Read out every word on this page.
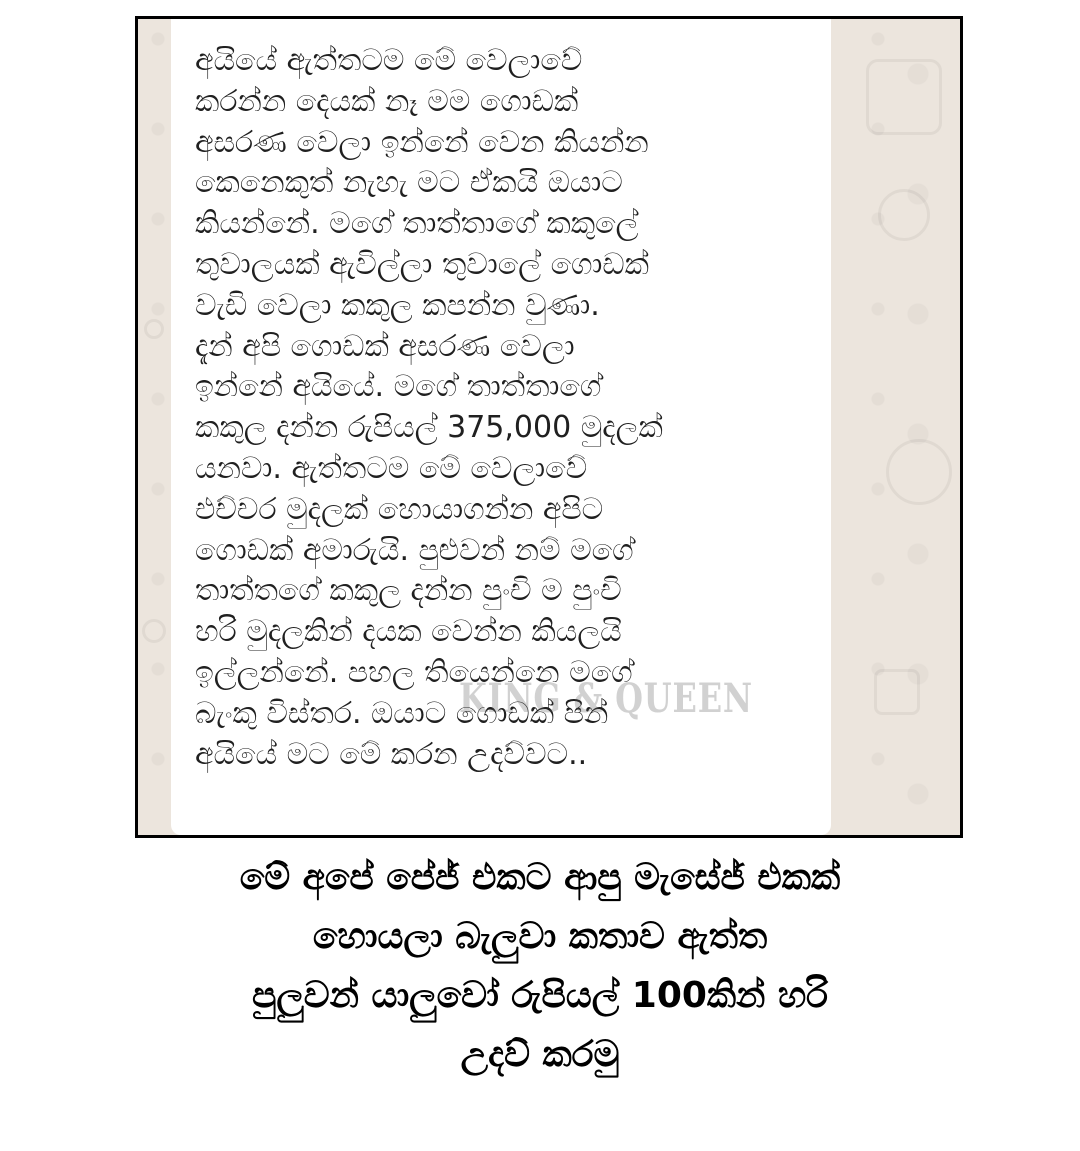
අයියේ ඇත්තටම මේ වෙලාවේ
කරන්න දෙයක් නෑ මම ගොඩක්
අසරණ වෙලා ඉන්නේ වෙන කියන්න
කෙනෙකුත් නැහැ මට ඒකයි ඔයාට
කියන්නේ. මගේ තාත්තාගේ කකුලේ
තුවාලයක් ඇවිල්ලා තුවාලේ ගොඩක්
වැඩි වෙලා කකුල කපන්න වුණා.
දැන් අපි ගොඩක් අසරණ වෙලා
ඉන්නේ අයියේ. මගේ තාත්තාගේ
කකුල දන්න රුපියල් 375,000 මුදලක්
යනවා. ඇත්තටම මේ වෙලාවේ
එච්චර මුදලක් හොයාගන්න අපිට
ගොඩක් අමාරුයි. පුළුවන් නම් මගේ
තාත්තගේ කකුල දන්න පුංචි ම පුංචි
හරි මුදලකින් දයක වෙන්න කියලයි
ඉල්ලන්නේ. පහල තියෙන්නෙ මගේ
බැංකු විස්තර. ඔයාට ගොඩක් පින්
අයියේ මට මේ කරන උදව්වට..
KING & QUEEN
මේ අපේ පේජ් එකට ආපු මැසේජ් එකක්
හොයලා බැලුවා කතාව ඇත්ත
පුලුවන් යාලුවෝ රුපියල් 100කින් හරි
උදව් කරමු
